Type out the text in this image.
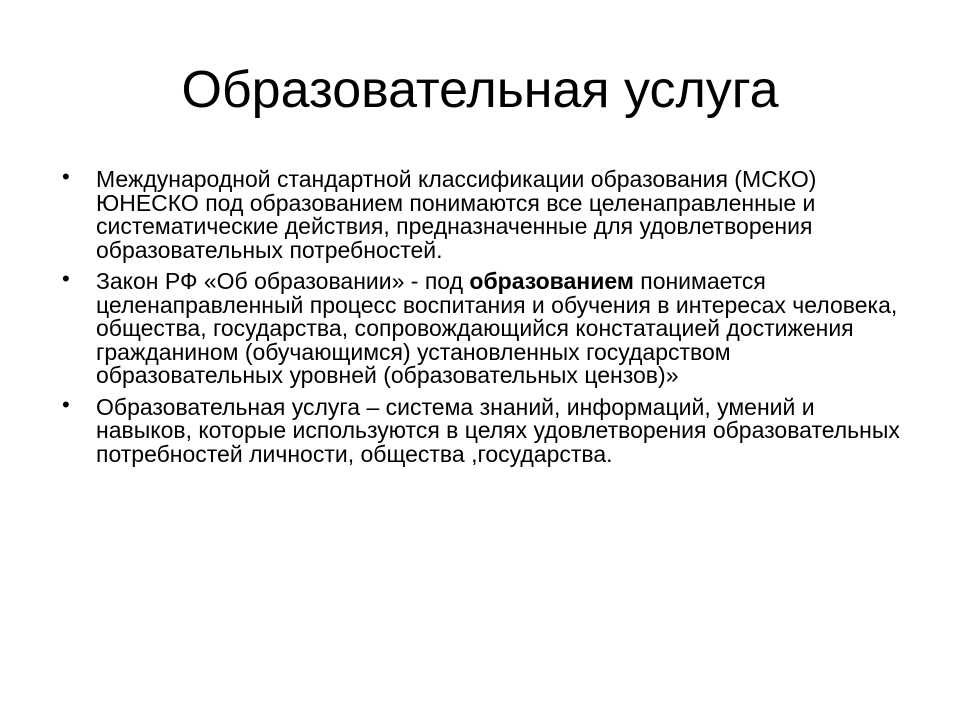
Образовательная услуга
• Международной стандартной классификации образования (МСКО) ЮНЕСКО под образованием понимаются все целенаправленные и систематические действия, предназначенные для удовлетворения образовательных потребностей.
• Закон РФ «Об образовании» - под образованием понимается целенаправленный процесс воспитания и обучения в интересах человека, общества, государства, сопровождающийся констатацией достижения гражданином (обучающимся) установленных государством образовательных уровней (образовательных цензов)»
• Образовательная услуга – система знаний, информаций, умений и навыков, которые используются в целях удовлетворения образовательных потребностей личности, общества ,государства.
